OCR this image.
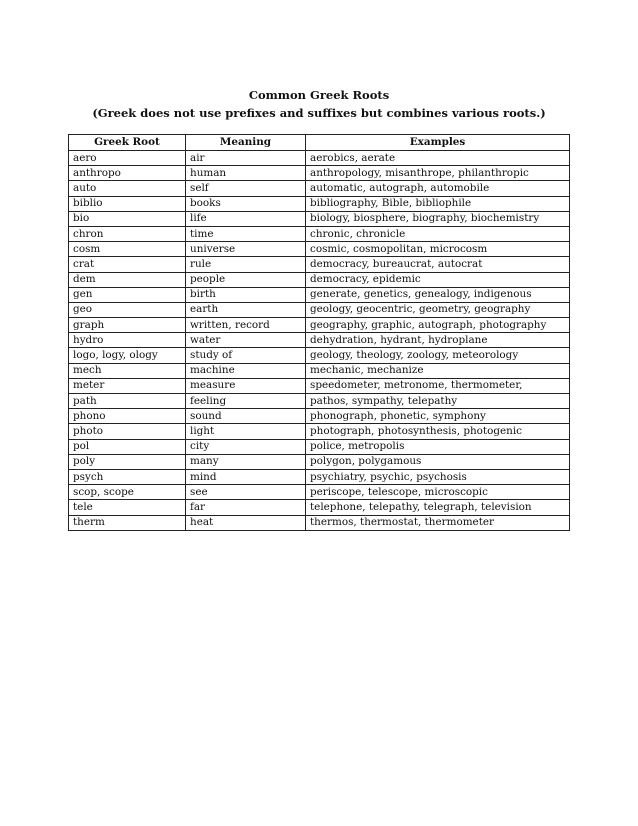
Common Greek Roots
(Greek does not use prefixes and suffixes but combines various roots.)
Greek Root	Meaning	Examples
aero	air	aerobics, aerate
anthropo	human	anthropology, misanthrope, philanthropic
auto	self	automatic, autograph, automobile
biblio	books	bibliography, Bible, bibliophile
bio	life	biology, biosphere, biography, biochemistry
chron	time	chronic, chronicle
cosm	universe	cosmic, cosmopolitan, microcosm
crat	rule	democracy, bureaucrat, autocrat
dem	people	democracy, epidemic
gen	birth	generate, genetics, genealogy, indigenous
geo	earth	geology, geocentric, geometry, geography
graph	written, record	geography, graphic, autograph, photography
hydro	water	dehydration, hydrant, hydroplane
logo, logy, ology	study of	geology, theology, zoology, meteorology
mech	machine	mechanic, mechanize
meter	measure	speedometer, metronome, thermometer,
path	feeling	pathos, sympathy, telepathy
phono	sound	phonograph, phonetic, symphony
photo	light	photograph, photosynthesis, photogenic
pol	city	police, metropolis
poly	many	polygon, polygamous
psych	mind	psychiatry, psychic, psychosis
scop, scope	see	periscope, telescope, microscopic
tele	far	telephone, telepathy, telegraph, television
therm	heat	thermos, thermostat, thermometer
